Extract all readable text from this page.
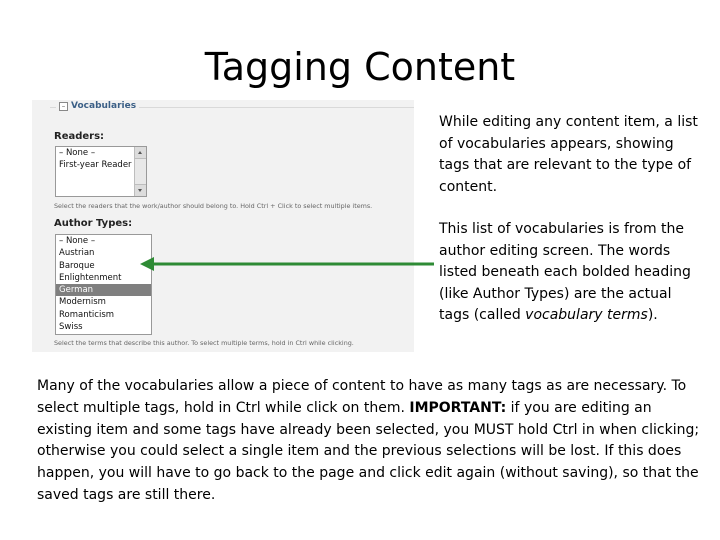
Tagging Content
– Vocabularies
Readers:
– None –
First-year Reader
Select the readers that the work/author should belong to. Hold Ctrl + Click to select multiple items.
Author Types:
– None –
Austrian
Baroque
Enlightenment
German
Modernism
Romanticism
Swiss
Select the terms that describe this author. To select multiple terms, hold in Ctrl while clicking.
While editing any content item, a list of vocabularies appears, showing tags that are relevant to the type of content.
This list of vocabularies is from the author editing screen. The words listed beneath each bolded heading (like Author Types) are the actual tags (called vocabulary terms).
Many of the vocabularies allow a piece of content to have as many tags as are necessary. To select multiple tags, hold in Ctrl while click on them. IMPORTANT: if you are editing an existing item and some tags have already been selected, you MUST hold Ctrl in when clicking; otherwise you could select a single item and the previous selections will be lost. If this does happen, you will have to go back to the page and click edit again (without saving), so that the saved tags are still there.
